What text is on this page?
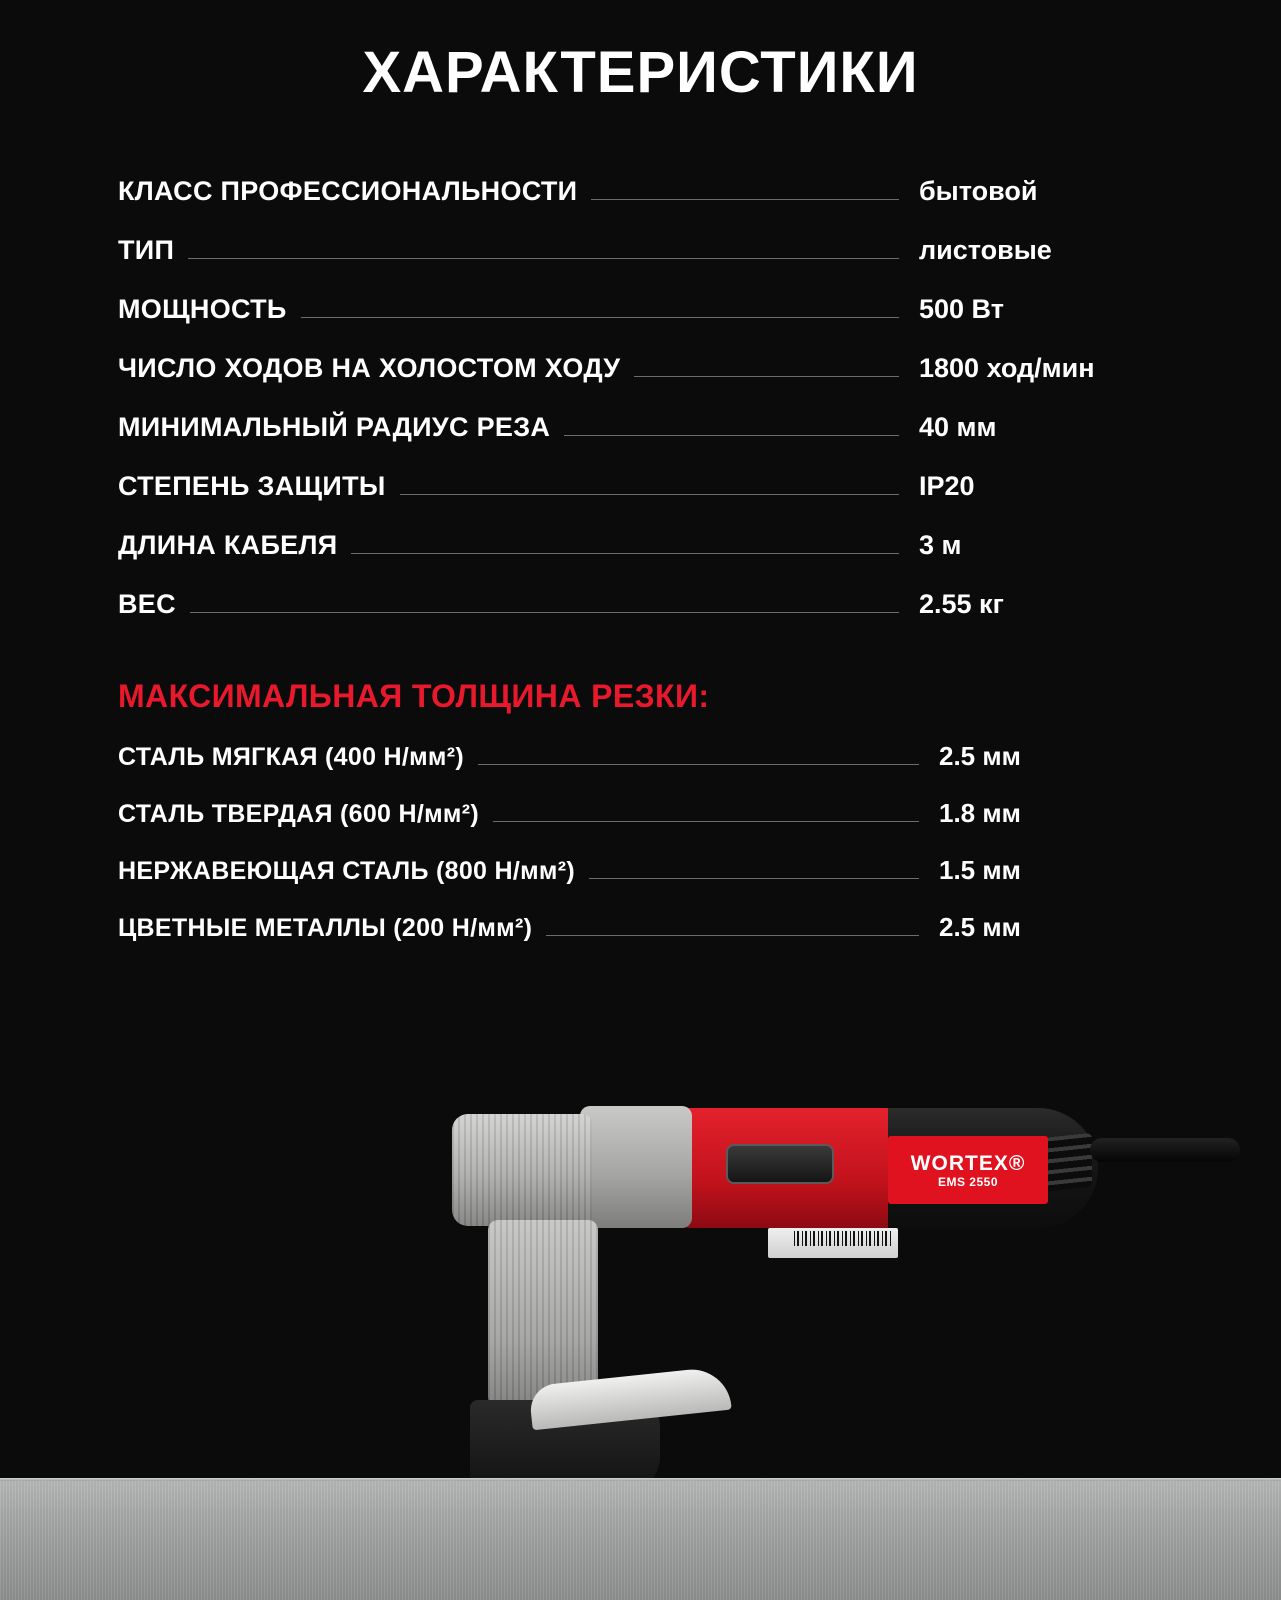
ХАРАКТЕРИСТИКИ
КЛАСС ПРОФЕССИОНАЛЬНОСТИ	бытовой
ТИП	листовые
МОЩНОСТЬ	500 Вт
ЧИСЛО ХОДОВ НА ХОЛОСТОМ ХОДУ	1800 ход/мин
МИНИМАЛЬНЫЙ РАДИУС РЕЗА	40 мм
СТЕПЕНЬ ЗАЩИТЫ	IP20
ДЛИНА КАБЕЛЯ	3 м
ВЕС	2.55 кг
МАКСИМАЛЬНАЯ ТОЛЩИНА РЕЗКИ:
СТАЛЬ МЯГКАЯ (400 Н/мм²)	2.5 мм
СТАЛЬ ТВЕРДАЯ (600 Н/мм²)	1.8 мм
НЕРЖАВЕЮЩАЯ СТАЛЬ (800 Н/мм²)	1.5 мм
ЦВЕТНЫЕ МЕТАЛЛЫ (200 Н/мм²)	2.5 мм
WORTEX®
EMS 2550
